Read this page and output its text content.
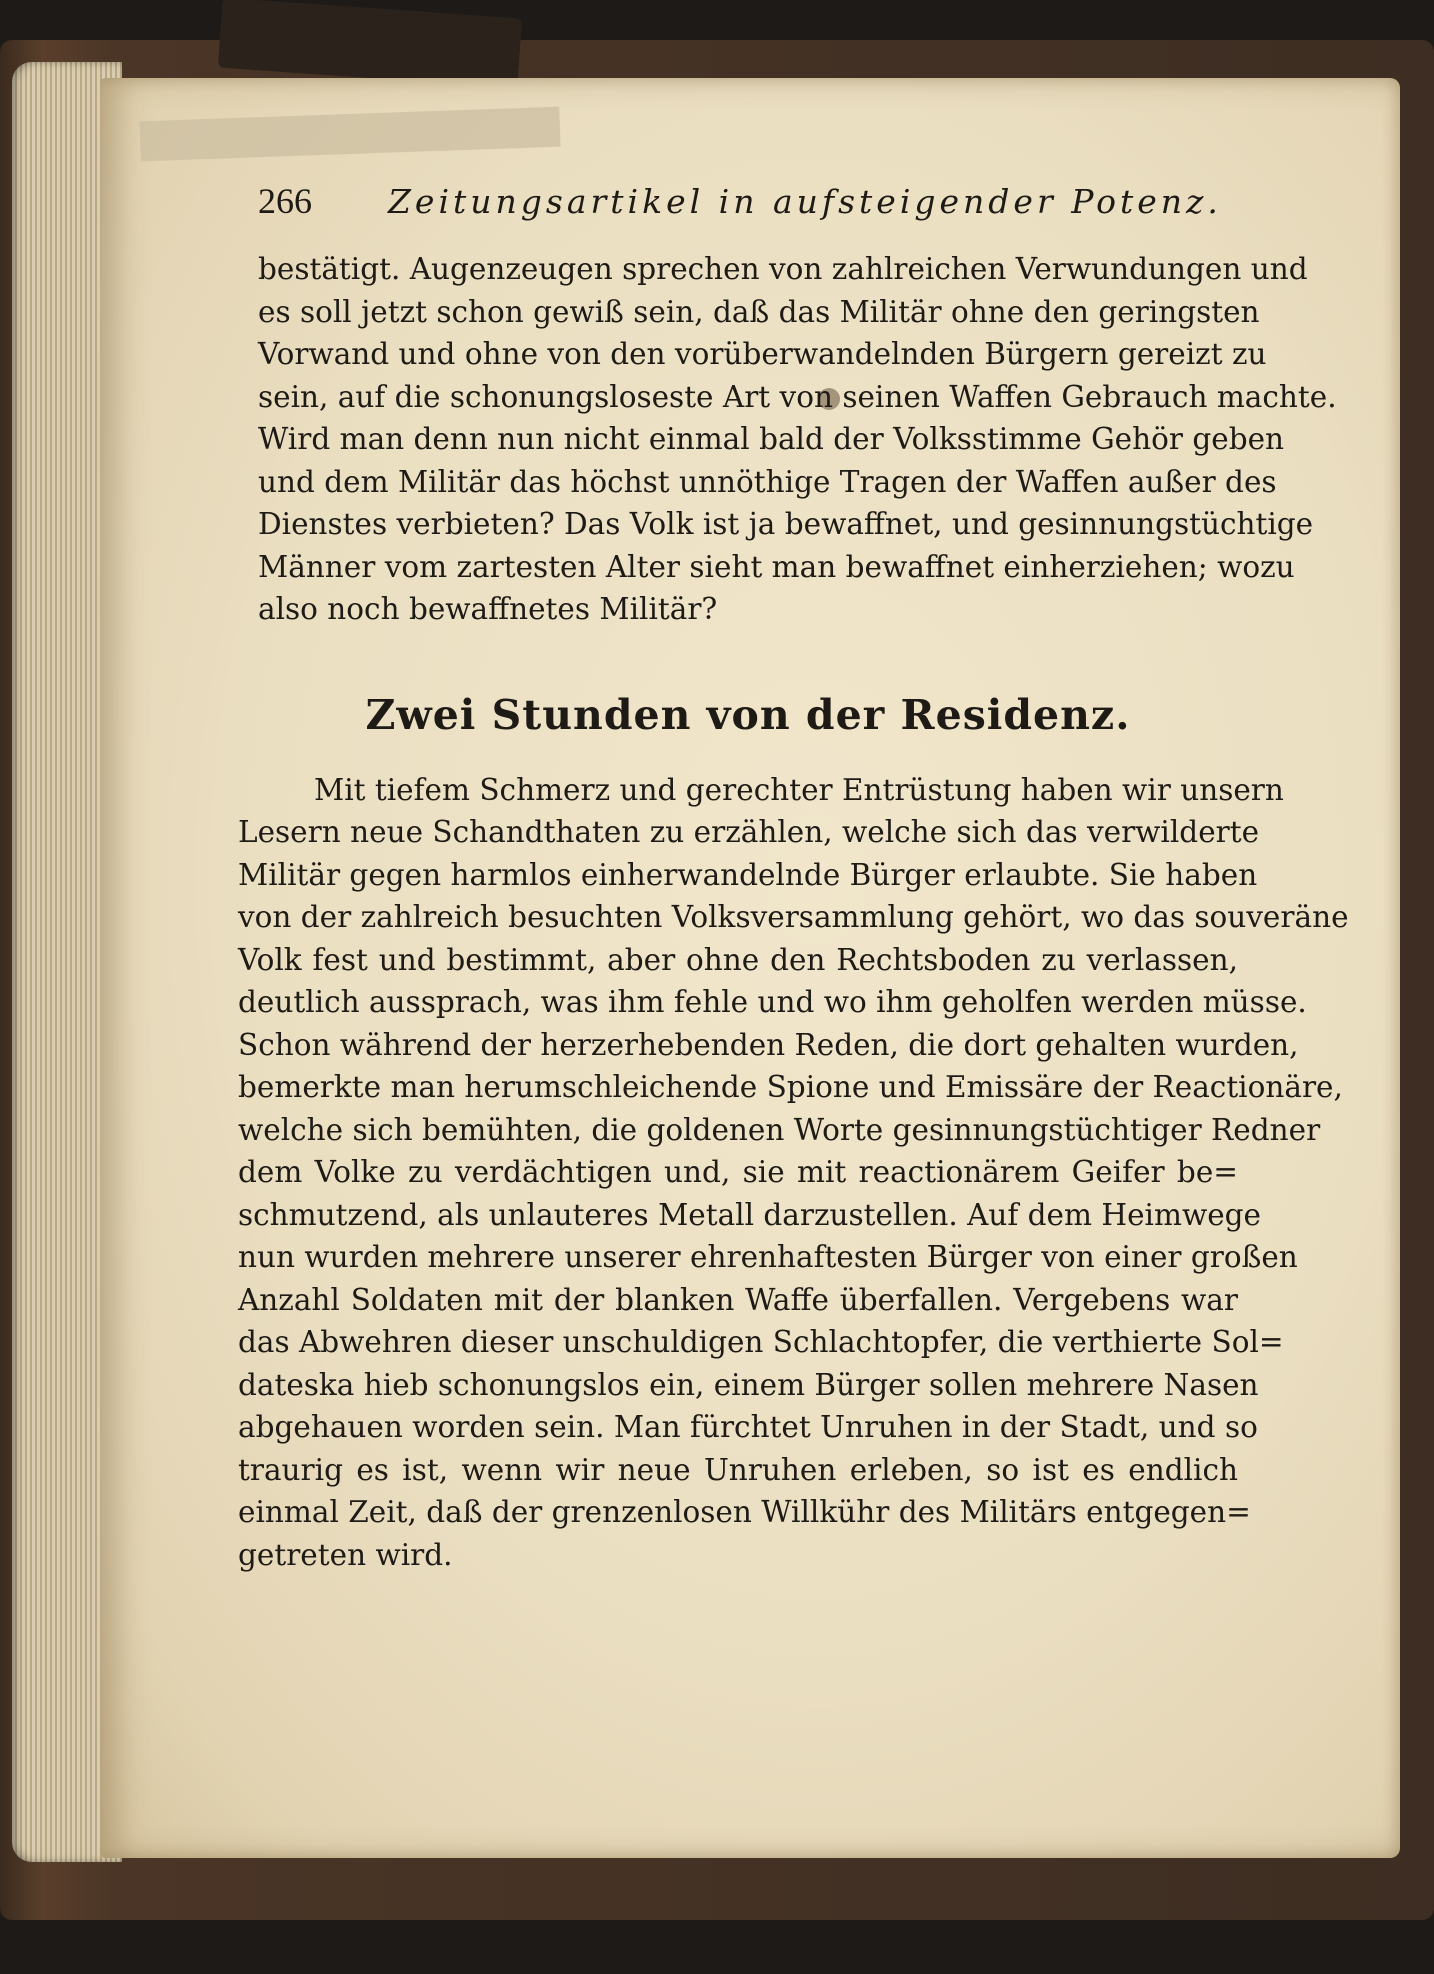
266	Zeitungsartikel in aufsteigender Potenz.

bestätigt. Augenzeugen sprechen von zahlreichen Verwundungen und
es soll jetzt schon gewiß sein, daß das Militär ohne den geringsten
Vorwand und ohne von den vorüberwandelnden Bürgern gereizt zu
sein, auf die schonungsloseste Art von seinen Waffen Gebrauch machte.
Wird man denn nun nicht einmal bald der Volksstimme Gehör geben
und dem Militär das höchst unnöthige Tragen der Waffen außer des
Dienstes verbieten? Das Volk ist ja bewaffnet, und gesinnungstüchtige
Männer vom zartesten Alter sieht man bewaffnet einherziehen; wozu
also noch bewaffnetes Militär?

Zwei Stunden von der Residenz.

Mit tiefem Schmerz und gerechter Entrüstung haben wir unsern
Lesern neue Schandthaten zu erzählen, welche sich das verwilderte
Militär gegen harmlos einherwandelnde Bürger erlaubte. Sie haben
von der zahlreich besuchten Volksversammlung gehört, wo das souveräne
Volk fest und bestimmt, aber ohne den Rechtsboden zu verlassen,
deutlich aussprach, was ihm fehle und wo ihm geholfen werden müsse.
Schon während der herzerhebenden Reden, die dort gehalten wurden,
bemerkte man herumschleichende Spione und Emissäre der Reactionäre,
welche sich bemühten, die goldenen Worte gesinnungstüchtiger Redner
dem Volke zu verdächtigen und, sie mit reactionärem Geifer be=
schmutzend, als unlauteres Metall darzustellen. Auf dem Heimwege
nun wurden mehrere unserer ehrenhaftesten Bürger von einer großen
Anzahl Soldaten mit der blanken Waffe überfallen. Vergebens war
das Abwehren dieser unschuldigen Schlachtopfer, die verthierte Sol=
dateska hieb schonungslos ein, einem Bürger sollen mehrere Nasen
abgehauen worden sein. Man fürchtet Unruhen in der Stadt, und so
traurig es ist, wenn wir neue Unruhen erleben, so ist es endlich
einmal Zeit, daß der grenzenlosen Willkühr des Militärs entgegen=
getreten wird.
